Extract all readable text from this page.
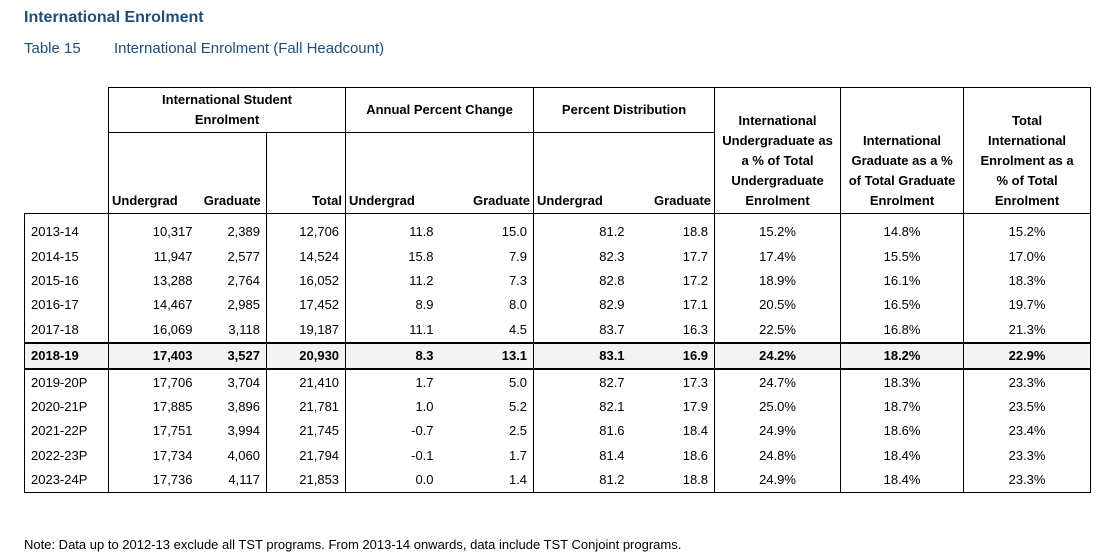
International Enrolment
Table 15 International Enrolment (Fall Headcount)

	International Student Enrolment			Annual Percent Change		Percent Distribution		International Undergraduate as a % of Total Undergraduate Enrolment	International Graduate as a % of Total Graduate Enrolment	Total International Enrolment as a % of Total Enrolment

	Undergrad	Graduate	Total	Undergrad	Graduate	Undergrad	Graduate			
2013-14	10,317	2,389	12,706	11.8	15.0	81.2	18.8	15.2%	14.8%	15.2%
2014-15	11,947	2,577	14,524	15.8	7.9	82.3	17.7	17.4%	15.5%	17.0%
2015-16	13,288	2,764	16,052	11.2	7.3	82.8	17.2	18.9%	16.1%	18.3%
2016-17	14,467	2,985	17,452	8.9	8.0	82.9	17.1	20.5%	16.5%	19.7%
2017-18	16,069	3,118	19,187	11.1	4.5	83.7	16.3	22.5%	16.8%	21.3%
2018-19	17,403	3,527	20,930	8.3	13.1	83.1	16.9	24.2%	18.2%	22.9%
2019-20P	17,706	3,704	21,410	1.7	5.0	82.7	17.3	24.7%	18.3%	23.3%
2020-21P	17,885	3,896	21,781	1.0	5.2	82.1	17.9	25.0%	18.7%	23.5%
2021-22P	17,751	3,994	21,745	-0.7	2.5	81.6	18.4	24.9%	18.6%	23.4%
2022-23P	17,734	4,060	21,794	-0.1	1.7	81.4	18.6	24.8%	18.4%	23.3%
2023-24P	17,736	4,117	21,853	0.0	1.4	81.2	18.8	24.9%	18.4%	23.3%
Note: Data up to 2012-13 exclude all TST programs. From 2013-14 onwards, data include TST Conjoint programs.
